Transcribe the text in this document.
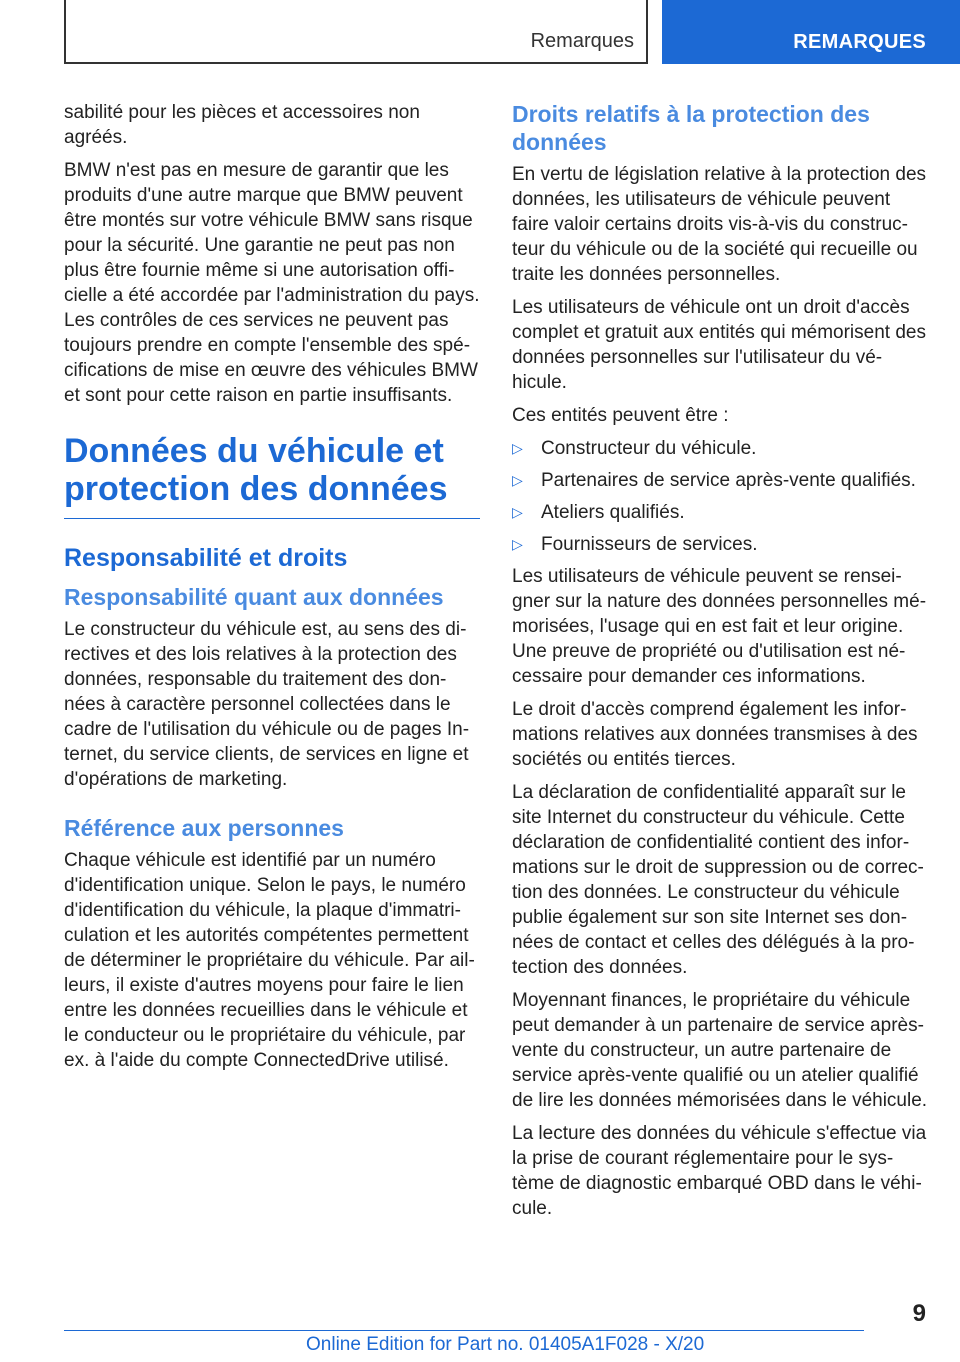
Remarques	REMARQUES

sabilité pour les pièces et accessoires non agréés.

BMW n'est pas en mesure de garantir que les produits d'une autre marque que BMW peuvent être montés sur votre véhicule BMW sans risque pour la sécurité. Une garantie ne peut pas non plus être fournie même si une autorisation officielle a été accordée par l'administration du pays. Les contrôles de ces services ne peuvent pas toujours prendre en compte l'ensemble des spécifications de mise en œuvre des véhicules BMW et sont pour cette raison en partie insuffisants.

Données du véhicule et protection des données
Responsabilité et droits
Responsabilité quant aux données

Le constructeur du véhicule est, au sens des directives et des lois relatives à la protection des données, responsable du traitement des données à caractère personnel collectées dans le cadre de l'utilisation du véhicule ou de pages Internet, du service clients, de services en ligne et d'opérations de marketing.

Référence aux personnes

Chaque véhicule est identifié par un numéro d'identification unique. Selon le pays, le numéro d'identification du véhicule, la plaque d'immatriculation et les autorités compétentes permettent de déterminer le propriétaire du véhicule. Par ailleurs, il existe d'autres moyens pour faire le lien entre les données recueillies dans le véhicule et le conducteur ou le propriétaire du véhicule, par ex. à l'aide du compte ConnectedDrive utilisé.

Droits relatifs à la protection des données

En vertu de législation relative à la protection des données, les utilisateurs de véhicule peuvent faire valoir certains droits vis-à-vis du constructeur du véhicule ou de la société qui recueille ou traite les données personnelles.

Les utilisateurs de véhicule ont un droit d'accès complet et gratuit aux entités qui mémorisent des données personnelles sur l'utilisateur du véhicule.

Ces entités peuvent être :

▷ Constructeur du véhicule.
▷ Partenaires de service après-vente qualifiés.
▷ Ateliers qualifiés.
▷ Fournisseurs de services.

Les utilisateurs de véhicule peuvent se renseigner sur la nature des données personnelles mémorisées, l'usage qui en est fait et leur origine. Une preuve de propriété ou d'utilisation est nécessaire pour demander ces informations.

Le droit d'accès comprend également les informations relatives aux données transmises à des sociétés ou entités tierces.

La déclaration de confidentialité apparaît sur le site Internet du constructeur du véhicule. Cette déclaration de confidentialité contient des informations sur le droit de suppression ou de correction des données. Le constructeur du véhicule publie également sur son site Internet ses données de contact et celles des délégués à la protection des données.

Moyennant finances, le propriétaire du véhicule peut demander à un partenaire de service après-vente du constructeur, un autre partenaire de service après-vente qualifié ou un atelier qualifié de lire les données mémorisées dans le véhicule.

La lecture des données du véhicule s'effectue via la prise de courant réglementaire pour le système de diagnostic embarqué OBD dans le véhicule.

9
Online Edition for Part no. 01405A1F028 - X/20
